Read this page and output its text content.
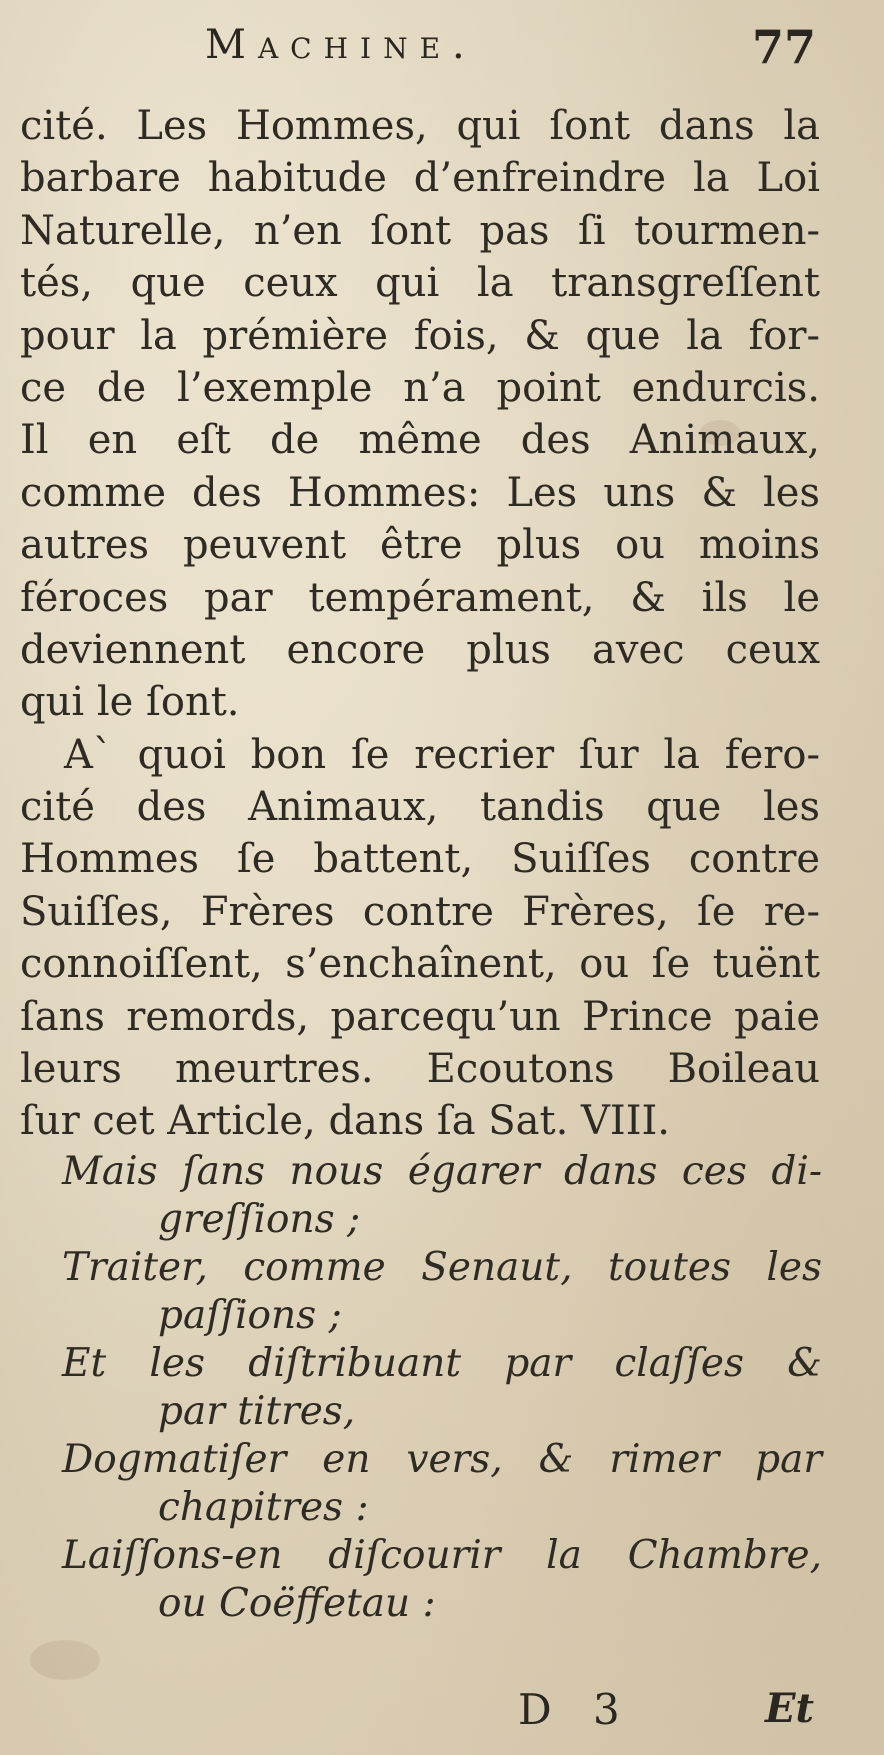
Machine.	77
cité. Les Hommes, qui ſont dans la
barbare habitude d’enfreindre la Loi
Naturelle, n’en ſont pas ſi tourmen-
tés, que ceux qui la transgreſſent
pour la prémière fois, & que la for-
ce de l’exemple n’a point endurcis.
Il en eſt de même des Animaux,
comme des Hommes: Les uns & les
autres peuvent être plus ou moins
féroces par tempérament, & ils le
deviennent encore plus avec ceux
qui le ſont.
A` quoi bon ſe recrier ſur la fero-
cité des Animaux, tandis que les
Hommes ſe battent, Suiſſes contre
Suiſſes, Frères contre Frères, ſe re-
connoiſſent, s’enchaînent, ou ſe tuënt
ſans remords, parcequ’un Prince paie
leurs meurtres. Ecoutons Boileau
ſur cet Article, dans ſa Sat. VIII.
Mais ſans nous égarer dans ces di-
greſſions ;
Traiter, comme Senaut, toutes les
paſſions ;
Et les diſtribuant par claſſes &
par titres,
Dogmatiſer en vers, & rimer par
chapitres :
Laiſſons-en diſcourir la Chambre,
ou Coëffetau :
D 3	Et
